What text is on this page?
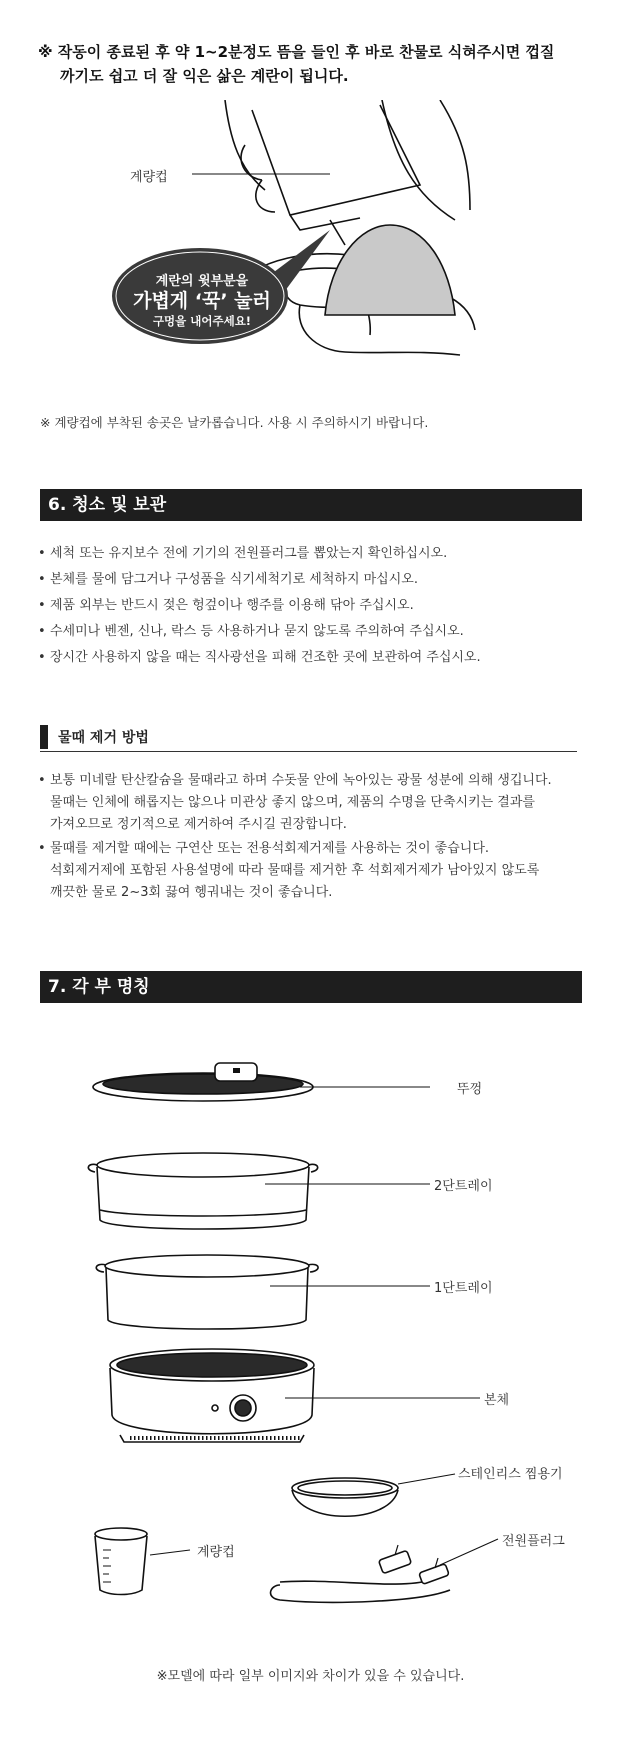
※ 작동이 종료된 후 약 1~2분정도 뜸을 들인 후 바로 찬물로 식혀주시면 껍질
까기도 쉽고 더 잘 익은 삶은 계란이 됩니다.
계량컵
계란의 윗부분을
가볍게 ‘꾹’ 눌러
구멍을 내어주세요!
※ 계량컵에 부착된 송곳은 날카롭습니다. 사용 시 주의하시기 바랍니다.
6. 청소 및 보관
• 세척 또는 유지보수 전에 기기의 전원플러그를 뽑았는지 확인하십시오.
• 본체를 물에 담그거나 구성품을 식기세척기로 세척하지 마십시오.
• 제품 외부는 반드시 젖은 헝겊이나 행주를 이용해 닦아 주십시오.
• 수세미나 벤젠, 신나, 락스 등 사용하거나 묻지 않도록 주의하여 주십시오.
• 장시간 사용하지 않을 때는 직사광선을 피해 건조한 곳에 보관하여 주십시오.
물때 제거 방법
• 보통 미네랄 탄산칼슘을 물때라고 하며 수돗물 안에 녹아있는 광물 성분에 의해 생깁니다.
물때는 인체에 해롭지는 않으나 미관상 좋지 않으며, 제품의 수명을 단축시키는 결과를
가져오므로 정기적으로 제거하여 주시길 권장합니다.
• 물때를 제거할 때에는 구연산 또는 전용석회제거제를 사용하는 것이 좋습니다.
석회제거제에 포함된 사용설명에 따라 물때를 제거한 후 석회제거제가 남아있지 않도록
깨끗한 물로 2~3회 끓여 헹궈내는 것이 좋습니다.
7. 각 부 명칭
뚜껑
2단트레이
1단트레이
본체
스테인리스 찜용기
계량컵
전원플러그
※모델에 따라 일부 이미지와 차이가 있을 수 있습니다.
